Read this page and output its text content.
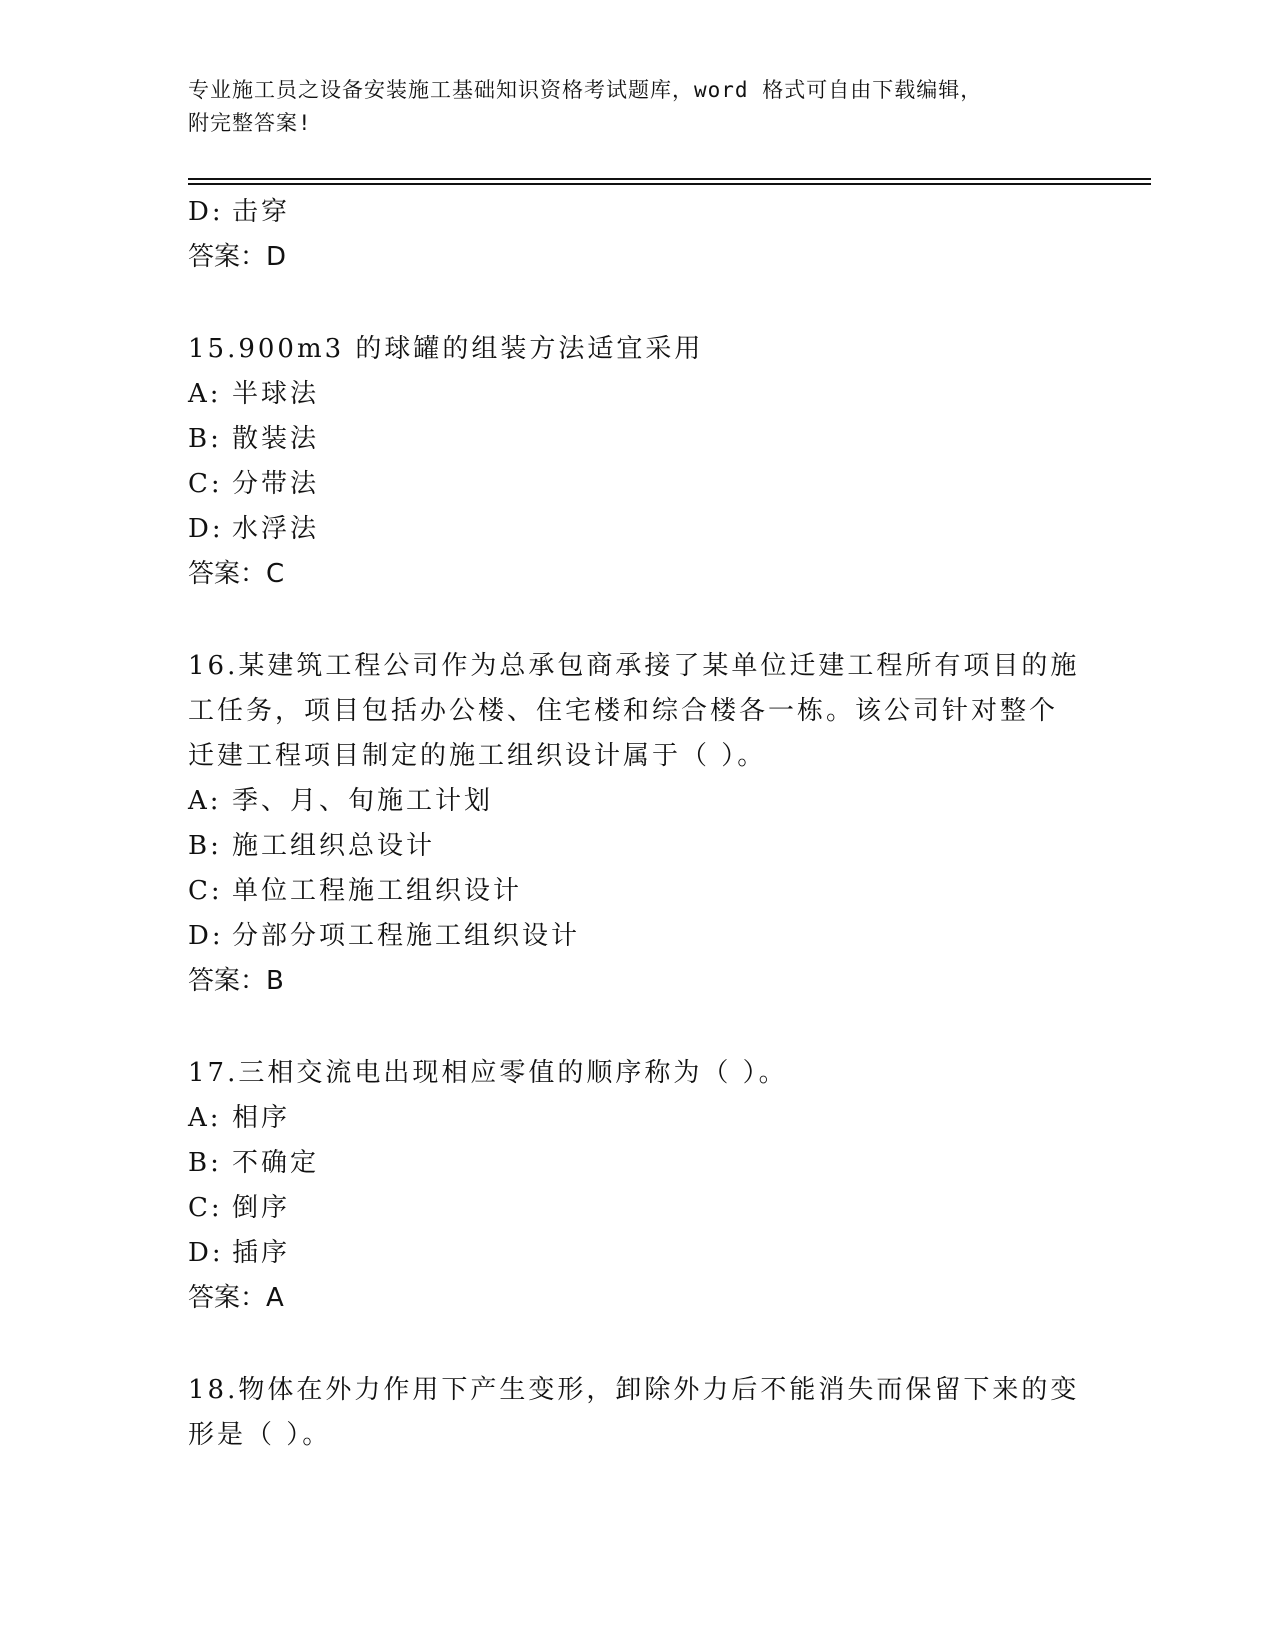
专业施工员之设备安装施工基础知识资格考试题库，word 格式可自由下载编辑，
附完整答案!
D: 击穿
答案：D
15.900m3 的球罐的组装方法适宜采用
A: 半球法
B: 散装法
C: 分带法
D: 水浮法
答案：C
16.某建筑工程公司作为总承包商承接了某单位迁建工程所有项目的施
工任务，项目包括办公楼、住宅楼和综合楼各一栋。该公司针对整个
迁建工程项目制定的施工组织设计属于（ ）。
A: 季、月、旬施工计划
B: 施工组织总设计
C: 单位工程施工组织设计
D: 分部分项工程施工组织设计
答案：B
17.三相交流电出现相应零值的顺序称为（ ）。
A: 相序
B: 不确定
C: 倒序
D: 插序
答案：A
18.物体在外力作用下产生变形，卸除外力后不能消失而保留下来的变
形是（ ）。
